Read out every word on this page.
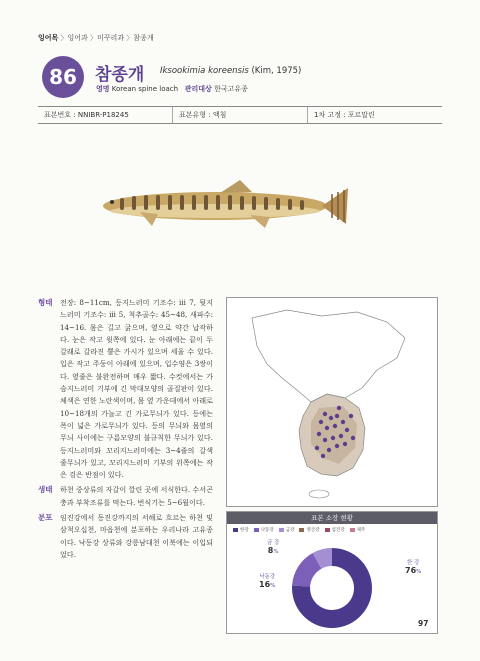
잉어목 〉잉어과 〉미꾸리과 〉참종개
86	참종개 Iksookimia koreensis (Kim, 1975)
영명 Korean spine loach 관리대상 한국고유종
표본번호 : NNIBR-P18245	표본유형 : 액침	1차 고정 : 포르말린
형태	전장: 8~11cm, 등지느러미 기조수: iii 7, 뒷지느러미 기조수: iii 5, 척추골수: 45~48, 새파수: 14~16. 몸은 길고 굵으며, 옆으로 약간 납작하다. 눈은 작고 윗쪽에 있다. 눈 아래에는 끝이 두 갈래로 갈라진 뿔은 가시가 있으며 세울 수 있다. 입은 작고 주둥이 아래에 있으며, 입수염은 3쌍이다. 옆줄은 불완전하며 매우 짧다. 수컷에서는 가슴지느러미 기부에 긴 막대모양의 골질판이 있다. 체색은 연한 노란색이며, 몸 옆 가운데에서 아래로 10~18개의 가늘고 긴 가로무늬가 있다. 등에는 폭이 넓은 가로무늬가 있다. 등의 무늬와 몸옆의 무늬 사이에는 구름모양의 불규칙한 무늬가 있다. 등지느러미와 꼬리지느러미에는 3~4줄의 갈색 줄무늬가 있고, 꼬리지느러미 기부의 위쪽에는 작은 검은 반점이 있다.
생태	하천 중상류의 자갈이 깔린 곳에 서식한다. 수서곤충과 부착조류를 먹는다. 번식기는 5~6월이다.
분포	임진강에서 동진강까지의 서해로 흐르는 하천 및 삼척오십천, 마읍천에 분포하는 우리나라 고유종이다. 낙동강 상류와 강릉남대천 이북에는 이입되었다.
표본 소장 현황
한강	낙동강	금강	영산강	섬진강	제주
한 강
76%
낙동강
16%
금 강
8%
97
